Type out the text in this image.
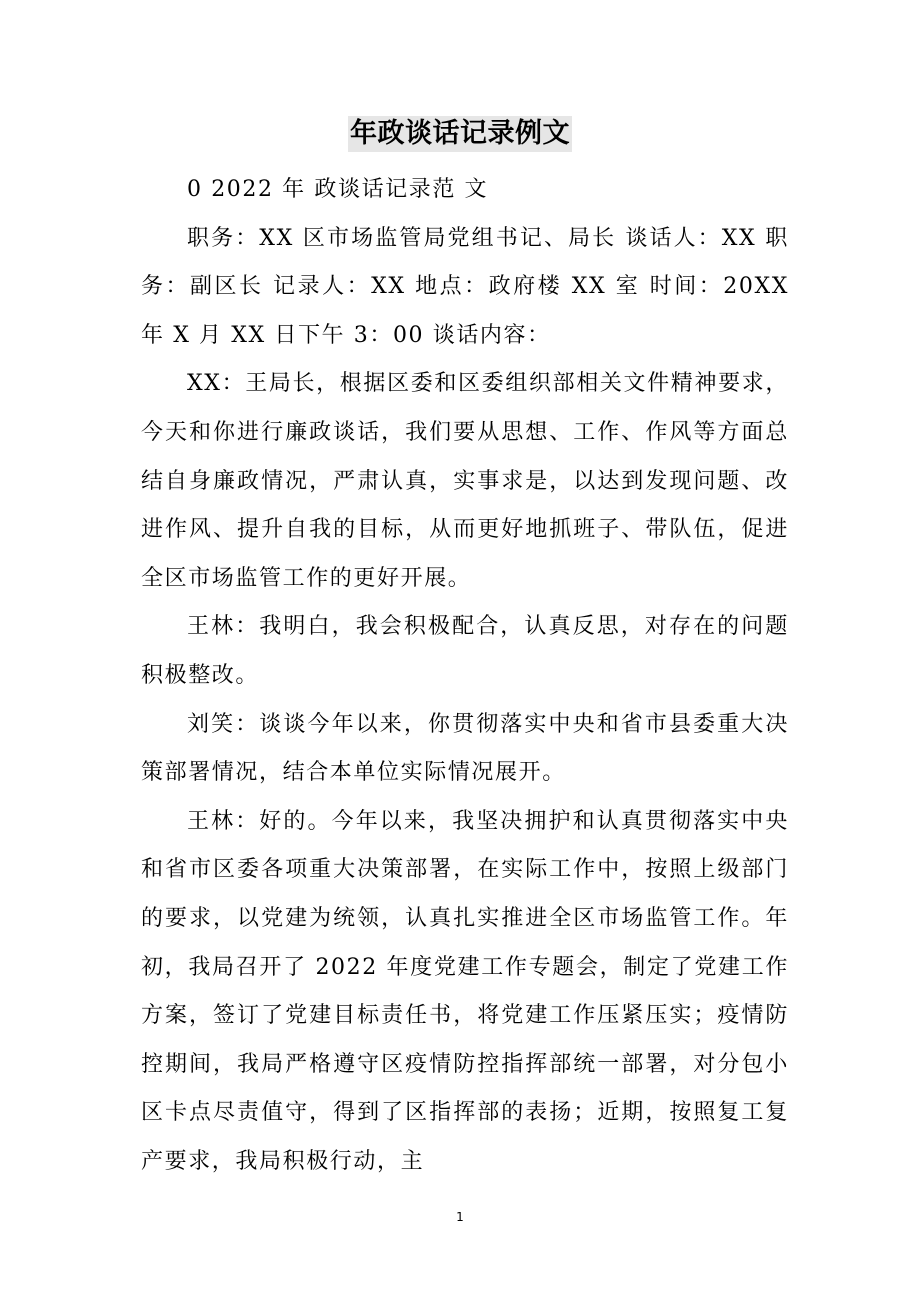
年政谈话记录例文

0 2022 年 政谈话记录范 文

职务：XX 区市场监管局党组书记、局长 谈话人：XX 职务：副区长 记录人：XX 地点：政府楼 XX 室 时间：20XX 年 X 月 XX 日下午 3：00 谈话内容：

XX：王局长，根据区委和区委组织部相关文件精神要求，今天和你进行廉政谈话，我们要从思想、工作、作风等方面总结自身廉政情况，严肃认真，实事求是，以达到发现问题、改进作风、提升自我的目标，从而更好地抓班子、带队伍，促进全区市场监管工作的更好开展。

王林：我明白，我会积极配合，认真反思，对存在的问题积极整改。

刘笑：谈谈今年以来，你贯彻落实中央和省市县委重大决策部署情况，结合本单位实际情况展开。

王林：好的。今年以来，我坚决拥护和认真贯彻落实中央和省市区委各项重大决策部署，在实际工作中，按照上级部门的要求，以党建为统领，认真扎实推进全区市场监管工作。年初，我局召开了 2022 年度党建工作专题会，制定了党建工作方案，签订了党建目标责任书，将党建工作压紧压实；疫情防控期间，我局严格遵守区疫情防控指挥部统一部署，对分包小区卡点尽责值守，得到了区指挥部的表扬；近期，按照复工复产要求，我局积极行动，主

1
